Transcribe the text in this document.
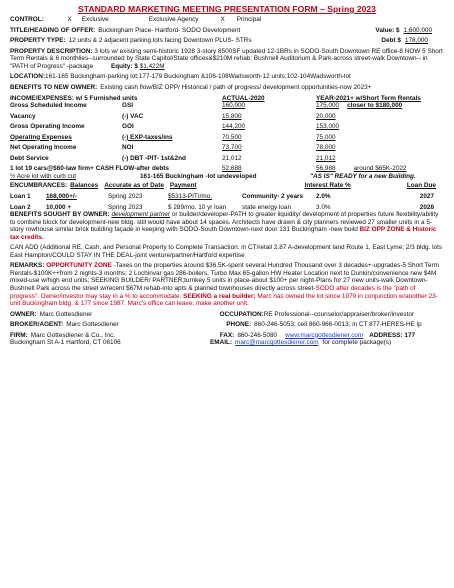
STANDARD MARKETING MEETING PRESENTATION FORM – Spring 2023
CONTROL:	X Exclusive	Exclusive Agency	X Principal
TITLE/HEADING OF OFFER: Buckingham Place- Hartford- SODO Development	Value: $ 1,600,000
PROPERTY TYPE: 12 units & 2 adjacent parking lots facing Downtown PLUS- STRs	Debt $ 178,000
PROPERTY DESCRIPTION: 3 lots w/ existing semi-historic 1928 3-story 8500SF updated 12-1BRs in SODO-South Downtown RE office-8 NOW 5 Short Term Rentals & 6 monthlies--surrounded by State Capitol/State offices&$210M rehab: Bushnell Auditorium & Park-across street-walk Downtown-- in "PATH of Progress" -package	Equity: $ $1,422M
LOCATION: 161-165 Buckingham-parking lot;177-179 Buckingham &106-108Wadsworth-12 units;102-104Wadsworth-lot
BENEFITS TO NEW OWNER: Existing cash flow/BIZ OPP/ Historical / path of progress/ development opportunities-now 2023+
INCOME/EXPENSES: w/ 5 Furnished units	ACTUAL-2020	YEAR-2021+ w/Short Term Rentals
Gross Scheduled Income	GSI	160,000	175,000 closer to $180,000
Vacancy	(-) VAC	15,800	20,000
Gross Operating Income	GOI	144,200	153,000
Operating Expenses	(-) EXP-taxes/ins	70,500	75,000
Net Operating Income	NOI	73,700	78,000
Debt Service	(-) DBT -PIT- 1st&2nd	21,012	21,012
1 lot 19 cars@$60-law firm+ CASH FLOW-after debts	52,688	56,988	around $65K-2022
½ Acre lot with curb cut	161-165 Buckingham -lot undeveloped	"AS IS" READY for a new Building.
ENCUMBRANCES: Balances Accurate as of Date Payment	Interest Rate %	Loan Due
Loan 1	168,000+/-	Spring 2023	$5313-PITI/mo.	Community- 2 years	2.0%	2027
Loan 2	10,000 +	Spring 2023	$ 289/mo. 10 yr loan	state energy loan	3.0%	2026
BENEFITS SOUGHT BY OWNER: development partner or builder/developer-PATH to greater liquidity/ development of properties future flexibility/ability to combine block for development-new bldg. still would have about 14 spaces. Architects have drawn & city planners reviewed 27 smaller units in a 5-story rowhouse similar brick building façade in keeping with SODO-South Downtown-next door 131 Buckingham -new build BIZ OPP ZONE & Historic tax credits.
CAN ADD (Additional RE, Cash, and Personal Property to Complete Transaction: in CT/retail 2.87 A-development land Route 1, East Lyme; 2/3 bldg. lots East Hampton/COULD STAY IN THE DEAL-joint venture/partner/Hartford expertise
REMARKS: OPPORTUNITY ZONE -Taxes on the properties around $36.5K-spent several Hundred Thousand over 3 decades+-upgrades-5 Short Term Rentals-$100K++from 2 nights-3 months; 2 Lochinvar gas 286-boilers, Turbo Max 65-gallon HW Heater Location next to Dunkin/convenience new $4M mixed-use w/high end units; SEEKING BUILDER/ PARTNER;turnkey 5 units in place-about $100+ per night-Plans for 27 new units-walk Downtown-Bushnell Park across the street w/recent $67M rehab-into apts & planned townhouses directly across street-SODO after decades is the "path of progress". Owner/investor may stay in a % to accommodate. SEEKING a real builder; Marc has owned the lot since 1979 in conjunction w/another 23-unit Buckingham bldg. & 177 since 1987. Marc's office can leave; make another unit.
OWNER: Marc Gottesdiener	OCCUPATION: RE Professional--counselor/appraiser/broker/investor
BROKER/AGENT: Marc Gottesdiener	PHONE: 860-246-5053; cell 860-966-0013; in CT 877-HERES-HE lp
FIRM: Marc Gottesdiener & Co., Inc.	FAX: 860-246-5080 www.marcgottesdiener.com ADDRESS: 177
Buckingham St A-1 Hartford, CT 06106	EMAIL: marc@marcgottesdiener.com for complete package(s)
